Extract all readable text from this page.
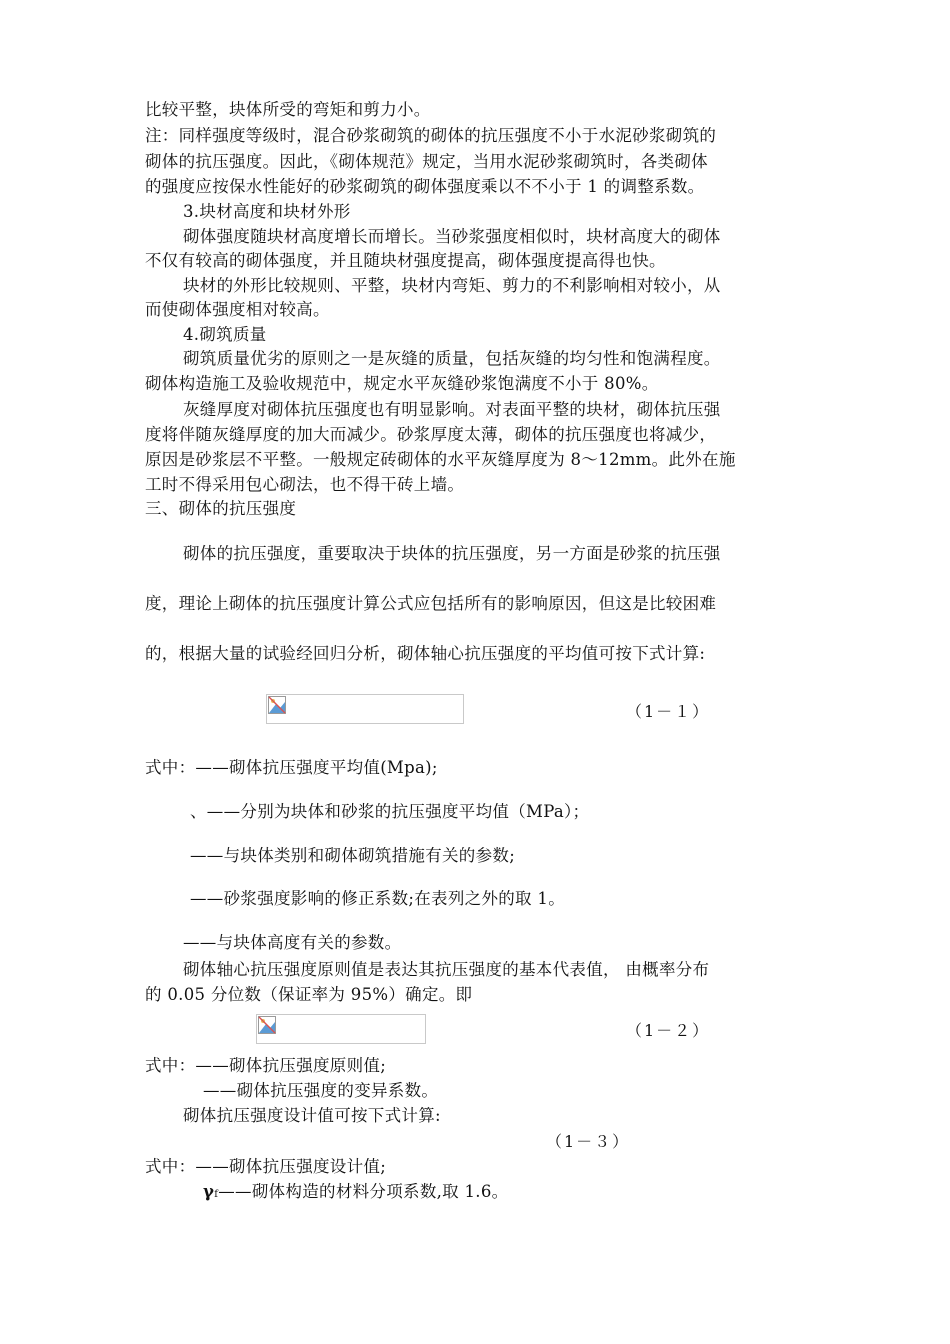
比较平整，块体所受的弯矩和剪力小。
注：同样强度等级时，混合砂浆砌筑的砌体的抗压强度不小于水泥砂浆砌筑的
砌体的抗压强度。因此，《砌体规范》规定，当用水泥砂浆砌筑时，各类砌体
的强度应按保水性能好的砂浆砌筑的砌体强度乘以不不小于 1 的调整系数。
3.块材高度和块材外形
砌体强度随块材高度增长而增长。当砂浆强度相似时，块材高度大的砌体
不仅有较高的砌体强度，并且随块材强度提高，砌体强度提高得也快。
块材的外形比较规则、平整，块材内弯矩、剪力的不利影响相对较小，从
而使砌体强度相对较高。
4.砌筑质量
砌筑质量优劣的原则之一是灰缝的质量，包括灰缝的均匀性和饱满程度。
砌体构造施工及验收规范中，规定水平灰缝砂浆饱满度不小于 80%。
灰缝厚度对砌体抗压强度也有明显影响。对表面平整的块材，砌体抗压强
度将伴随灰缝厚度的加大而减少。砂浆厚度太薄，砌体的抗压强度也将减少，
原因是砂浆层不平整。一般规定砖砌体的水平灰缝厚度为 8～12mm。此外在施
工时不得采用包心砌法，也不得干砖上墙。
三、砌体的抗压强度
砌体的抗压强度，重要取决于块体的抗压强度，另一方面是砂浆的抗压强
度，理论上砌体的抗压强度计算公式应包括所有的影响原因，但这是比较困难
的，根据大量的试验经回归分析，砌体轴心抗压强度的平均值可按下式计算:
（1－１）
式中：——砌体抗压强度平均值(Mpa);
、——分别为块体和砂浆的抗压强度平均值（MPa）；
——与块体类别和砌体砌筑措施有关的参数;
——砂浆强度影响的修正系数;在表列之外的取 1。
——与块体高度有关的参数。
砌体轴心抗压强度原则值是表达其抗压强度的基本代表值， 由概率分布
的 0.05 分位数（保证率为 95%）确定。即
（1－２）
式中：——砌体抗压强度原则值;
——砌体抗压强度的变异系数。
砌体抗压强度设计值可按下式计算:
（1－３）
式中：——砌体抗压强度设计值;
γf——砌体构造的材料分项系数,取 1.6。
